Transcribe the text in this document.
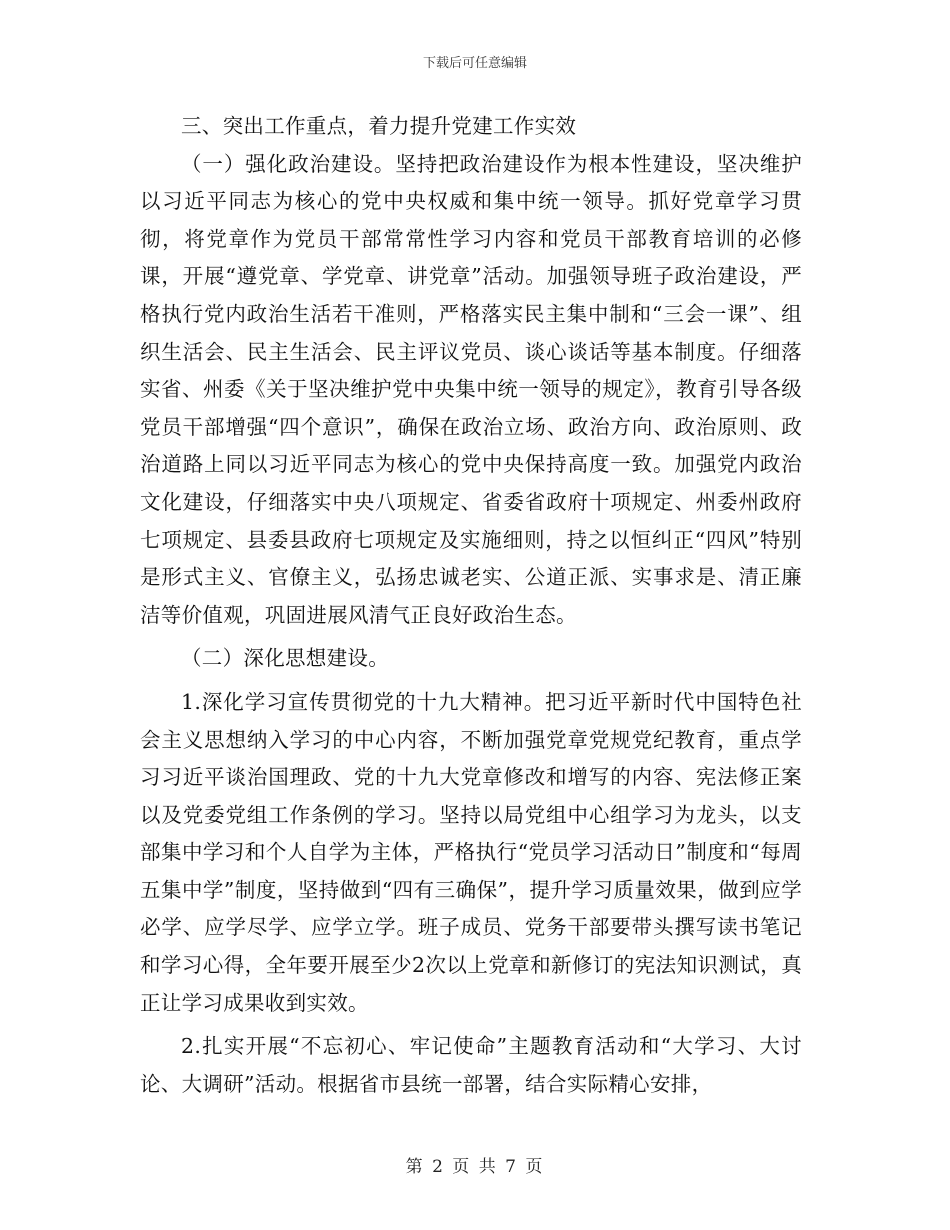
下载后可任意编辑

三、突出工作重点，着力提升党建工作实效

（一）强化政治建设。坚持把政治建设作为根本性建设，坚决维护以习近平同志为核心的党中央权威和集中统一领导。抓好党章学习贯彻，将党章作为党员干部常常性学习内容和党员干部教育培训的必修课，开展“遵党章、学党章、讲党章”活动。加强领导班子政治建设，严格执行党内政治生活若干准则，严格落实民主集中制和“三会一课”、组织生活会、民主生活会、民主评议党员、谈心谈话等基本制度。仔细落实省、州委《关于坚决维护党中央集中统一领导的规定》，教育引导各级党员干部增强“四个意识”，确保在政治立场、政治方向、政治原则、政治道路上同以习近平同志为核心的党中央保持高度一致。加强党内政治文化建设，仔细落实中央八项规定、省委省政府十项规定、州委州政府七项规定、县委县政府七项规定及实施细则，持之以恒纠正“四风”特别是形式主义、官僚主义，弘扬忠诚老实、公道正派、实事求是、清正廉洁等价值观，巩固进展风清气正良好政治生态。

（二）深化思想建设。

1.深化学习宣传贯彻党的十九大精神。把习近平新时代中国特色社会主义思想纳入学习的中心内容，不断加强党章党规党纪教育，重点学习习近平谈治国理政、党的十九大党章修改和增写的内容、宪法修正案以及党委党组工作条例的学习。坚持以局党组中心组学习为龙头，以支部集中学习和个人自学为主体，严格执行“党员学习活动日”制度和“每周五集中学”制度，坚持做到“四有三确保”，提升学习质量效果，做到应学必学、应学尽学、应学立学。班子成员、党务干部要带头撰写读书笔记和学习心得，全年要开展至少2次以上党章和新修订的宪法知识测试，真正让学习成果收到实效。

2.扎实开展“不忘初心、牢记使命”主题教育活动和“大学习、大讨论、大调研”活动。根据省市县统一部署，结合实际精心安排，

第 2 页 共 7 页
